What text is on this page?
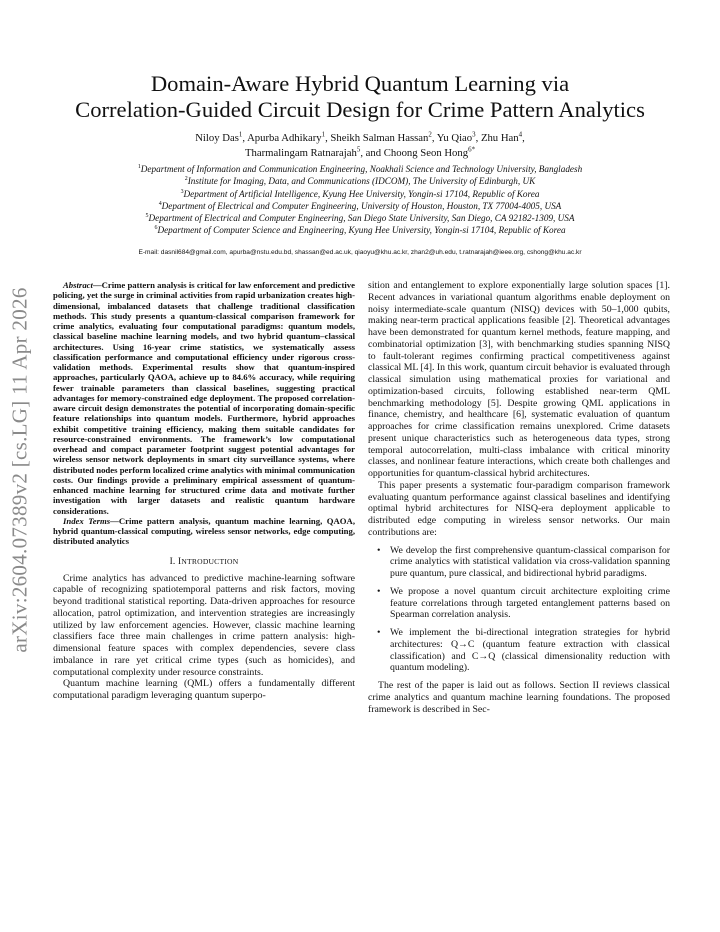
arXiv:2604.07389v2 [cs.LG] 11 Apr 2026
Domain-Aware Hybrid Quantum Learning via
Correlation-Guided Circuit Design for Crime Pattern Analytics
Niloy Das$^1$, Apurba Adhikary$^1$, Sheikh Salman Hassan$^2$, Yu Qiao$^3$, Zhu Han$^4$,
Tharmalingam Ratnarajah$^5$, and Choong Seon Hong$^{6*}$
$^1$Department of Information and Communication Engineering, Noakhali Science and Technology University, Bangladesh
$^2$Institute for Imaging, Data, and Communications (IDCOM), The University of Edinburgh, UK
$^3$Department of Artificial Intelligence, Kyung Hee University, Yongin-si 17104, Republic of Korea
$^4$Department of Electrical and Computer Engineering, University of Houston, Houston, TX 77004-4005, USA
$^5$Department of Electrical and Computer Engineering, San Diego State University, San Diego, CA 92182-1309, USA
$^6$Department of Computer Science and Engineering, Kyung Hee University, Yongin-si 17104, Republic of Korea
E-mail: dasnil684@gmail.com, apurba@nstu.edu.bd, shassan@ed.ac.uk, qiaoyu@khu.ac.kr, zhan2@uh.edu, t.ratnarajah@ieee.org, cshong@khu.ac.kr

Abstract—Crime pattern analysis is critical for law enforcement and predictive policing, yet the surge in criminal activities from rapid urbanization creates high-dimensional, imbalanced datasets that challenge traditional classification methods. This study presents a quantum-classical comparison framework for crime analytics, evaluating four computational paradigms: quantum models, classical baseline machine learning models, and two hybrid quantum–classical architectures. Using 16-year crime statistics, we systematically assess classification performance and computational efficiency under rigorous cross-validation methods. Experimental results show that quantum-inspired approaches, particularly QAOA, achieve up to 84.6% accuracy, while requiring fewer trainable parameters than classical baselines, suggesting practical advantages for memory-constrained edge deployment. The proposed correlation-aware circuit design demonstrates the potential of incorporating domain-specific feature relationships into quantum models. Furthermore, hybrid approaches exhibit competitive training efficiency, making them suitable candidates for resource-constrained environments. The framework’s low computational overhead and compact parameter footprint suggest potential advantages for wireless sensor network deployments in smart city surveillance systems, where distributed nodes perform localized crime analytics with minimal communication costs. Our findings provide a preliminary empirical assessment of quantum-enhanced machine learning for structured crime data and motivate further investigation with larger datasets and realistic quantum hardware considerations.

Index Terms—Crime pattern analysis, quantum machine learning, QAOA, hybrid quantum-classical computing, wireless sensor networks, edge computing, distributed analytics

I. INTRODUCTION

Crime analytics has advanced to predictive machine-learning software capable of recognizing spatiotemporal patterns and risk factors, moving beyond traditional statistical reporting. Data-driven approaches for resource allocation, patrol optimization, and intervention strategies are increasingly utilized by law enforcement agencies. However, classic machine learning classifiers face three main challenges in crime pattern analysis: high-dimensional feature spaces with complex dependencies, severe class imbalance in rare yet critical crime types (such as homicides), and computational complexity under resource constraints.

Quantum machine learning (QML) offers a fundamentally different computational paradigm leveraging quantum superpo-

sition and entanglement to explore exponentially large solution spaces [1]. Recent advances in variational quantum algorithms enable deployment on noisy intermediate-scale quantum (NISQ) devices with 50–1,000 qubits, making near-term practical applications feasible [2]. Theoretical advantages have been demonstrated for quantum kernel methods, feature mapping, and combinatorial optimization [3], with benchmarking studies spanning NISQ to fault-tolerant regimes confirming practical competitiveness against classical ML [4]. In this work, quantum circuit behavior is evaluated through classical simulation using mathematical proxies for variational and optimization-based circuits, following established near-term QML benchmarking methodology [5]. Despite growing QML applications in finance, chemistry, and healthcare [6], systematic evaluation of quantum approaches for crime classification remains unexplored. Crime datasets present unique characteristics such as heterogeneous data types, strong temporal autocorrelation, multi-class imbalance with critical minority classes, and nonlinear feature interactions, which create both challenges and opportunities for quantum-classical hybrid architectures.

This paper presents a systematic four-paradigm comparison framework evaluating quantum performance against classical baselines and identifying optimal hybrid architectures for NISQ-era deployment applicable to distributed edge computing in wireless sensor networks. Our main contributions are:

• We develop the first comprehensive quantum-classical comparison for crime analytics with statistical validation via cross-validation spanning pure quantum, pure classical, and bidirectional hybrid paradigms.
• We propose a novel quantum circuit architecture exploiting crime feature correlations through targeted entanglement patterns based on Spearman correlation analysis.
• We implement the bi-directional integration strategies for hybrid architectures: Q→C (quantum feature extraction with classical classification) and C→Q (classical dimensionality reduction with quantum modeling).

The rest of the paper is laid out as follows. Section II reviews classical crime analytics and quantum machine learning foundations. The proposed framework is described in Sec-
